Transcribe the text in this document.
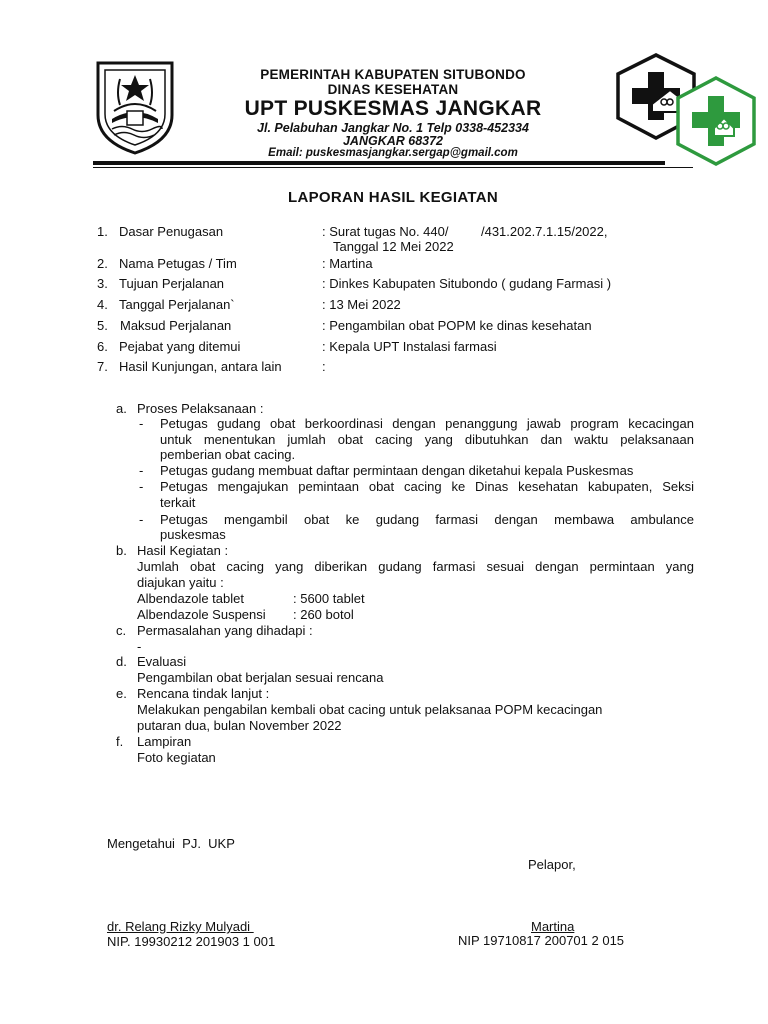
PEMERINTAH KABUPATEN SITUBONDO
DINAS KESEHATAN
UPT PUSKESMAS JANGKAR
Jl. Pelabuhan Jangkar No. 1 Telp 0338-452334
JANGKAR 68372
Email: puskesmasjangkar.sergap@gmail.com
LAPORAN HASIL KEGIATAN
1. Dasar Penugasan	: Surat tugas No. 440/         /431.202.7.1.15/2022,
Tanggal 12 Mei 2022
2. Nama Petugas / Tim	: Martina
3. Tujuan Perjalanan	: Dinkes Kabupaten Situbondo ( gudang Farmasi )
4. Tanggal Perjalanan`	: 13 Mei 2022
5. Maksud Perjalanan	: Pengambilan obat POPM ke dinas kesehatan
6. Pejabat yang ditemui	: Kepala UPT Instalasi farmasi
7. Hasil Kunjungan, antara lain	:
a. Proses Pelaksanaan :
- Petugas gudang obat berkoordinasi dengan penanggung jawab program kecacingan
untuk menentukan jumlah obat cacing yang dibutuhkan dan waktu pelaksanaan
pemberian obat cacing.
- Petugas gudang membuat daftar permintaan dengan diketahui kepala Puskesmas
- Petugas mengajukan pemintaan obat cacing ke Dinas kesehatan kabupaten, Seksi
terkait
- Petugas mengambil obat ke gudang farmasi dengan membawa ambulance
puskesmas
b. Hasil Kegiatan :
Jumlah obat cacing yang diberikan gudang farmasi sesuai dengan permintaan yang
diajukan yaitu :
Albendazole tablet	: 5600 tablet
Albendazole Suspensi : 260 botol
c. Permasalahan yang dihadapi :
-
d. Evaluasi
Pengambilan obat berjalan sesuai rencana
e. Rencana tindak lanjut :
Melakukan pengabilan kembali obat cacing untuk pelaksanaa POPM kecacingan
putaran dua, bulan November 2022
f. Lampiran
Foto kegiatan
Mengetahui  PJ.  UKP
dr. Relang Rizky Mulyadi
NIP. 19930212 201903 1 001
Pelapor,
Martina
NIP 19710817 200701 2 015
